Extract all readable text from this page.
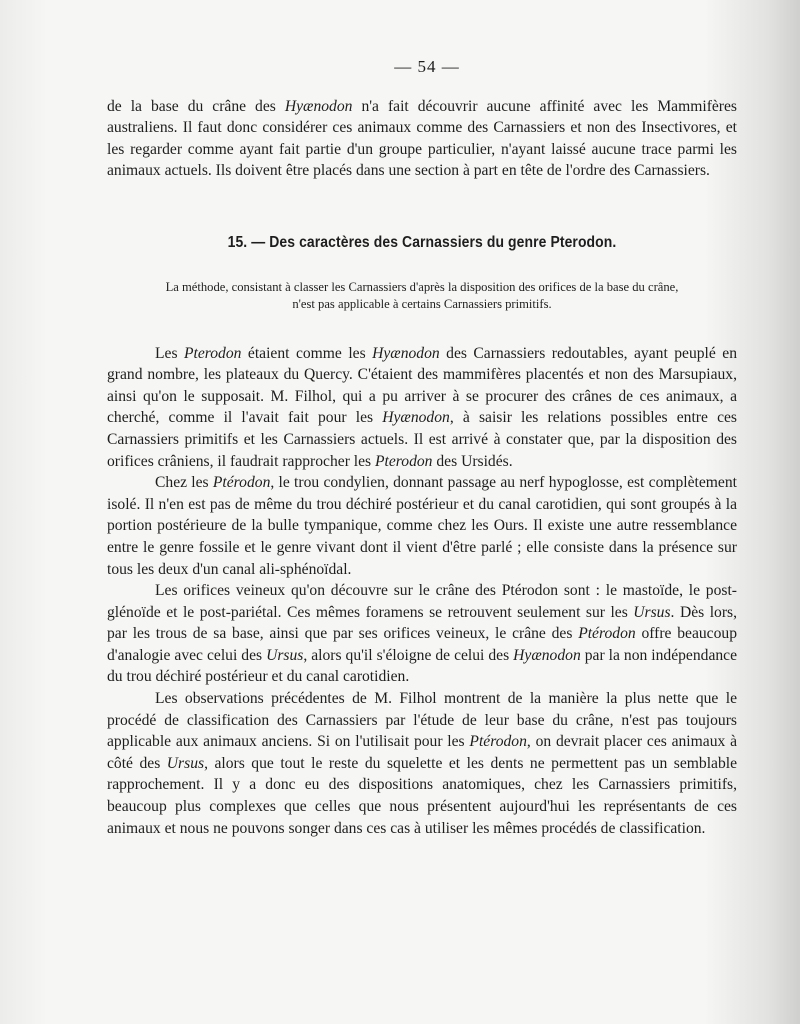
— 54 —

de la base du crâne des Hyænodon n'a fait découvrir aucune affinité avec les Mammifères australiens. Il faut donc considérer ces animaux comme des Carnassiers et non des Insectivores, et les regarder comme ayant fait partie d'un groupe particulier, n'ayant laissé aucune trace parmi les animaux actuels. Ils doivent être placés dans une section à part en tête de l'ordre des Carnassiers.

15. — Des caractères des Carnassiers du genre Pterodon.
La méthode, consistant à classer les Carnassiers d'après la disposition des orifices de la base du crâne,
n'est pas applicable à certains Carnassiers primitifs.

Les Pterodon étaient comme les Hyænodon des Carnassiers redoutables, ayant peuplé en grand nombre, les plateaux du Quercy. C'étaient des mammifères placentés et non des Marsupiaux, ainsi qu'on le supposait. M. Filhol, qui a pu arriver à se procurer des crânes de ces animaux, a cherché, comme il l'avait fait pour les Hyænodon, à saisir les relations possibles entre ces Carnassiers primitifs et les Carnassiers actuels. Il est arrivé à constater que, par la disposition des orifices crâniens, il faudrait rapprocher les Pterodon des Ursidés.

Chez les Ptérodon, le trou condylien, donnant passage au nerf hypoglosse, est complètement isolé. Il n'en est pas de même du trou déchiré postérieur et du canal carotidien, qui sont groupés à la portion postérieure de la bulle tympanique, comme chez les Ours. Il existe une autre ressemblance entre le genre fossile et le genre vivant dont il vient d'être parlé ; elle consiste dans la présence sur tous les deux d'un canal ali-sphénoïdal.

Les orifices veineux qu'on découvre sur le crâne des Ptérodon sont : le mastoïde, le post-glénoïde et le post-pariétal. Ces mêmes foramens se retrouvent seulement sur les Ursus. Dès lors, par les trous de sa base, ainsi que par ses orifices veineux, le crâne des Ptérodon offre beaucoup d'analogie avec celui des Ursus, alors qu'il s'éloigne de celui des Hyænodon par la non indépendance du trou déchiré postérieur et du canal carotidien.

Les observations précédentes de M. Filhol montrent de la manière la plus nette que le procédé de classification des Carnassiers par l'étude de leur base du crâne, n'est pas toujours applicable aux animaux anciens. Si on l'utilisait pour les Ptérodon, on devrait placer ces animaux à côté des Ursus, alors que tout le reste du squelette et les dents ne permettent pas un semblable rapprochement. Il y a donc eu des dispositions anatomiques, chez les Carnassiers primitifs, beaucoup plus complexes que celles que nous présentent aujourd'hui les représentants de ces animaux et nous ne pouvons songer dans ces cas à utiliser les mêmes procédés de classification.
